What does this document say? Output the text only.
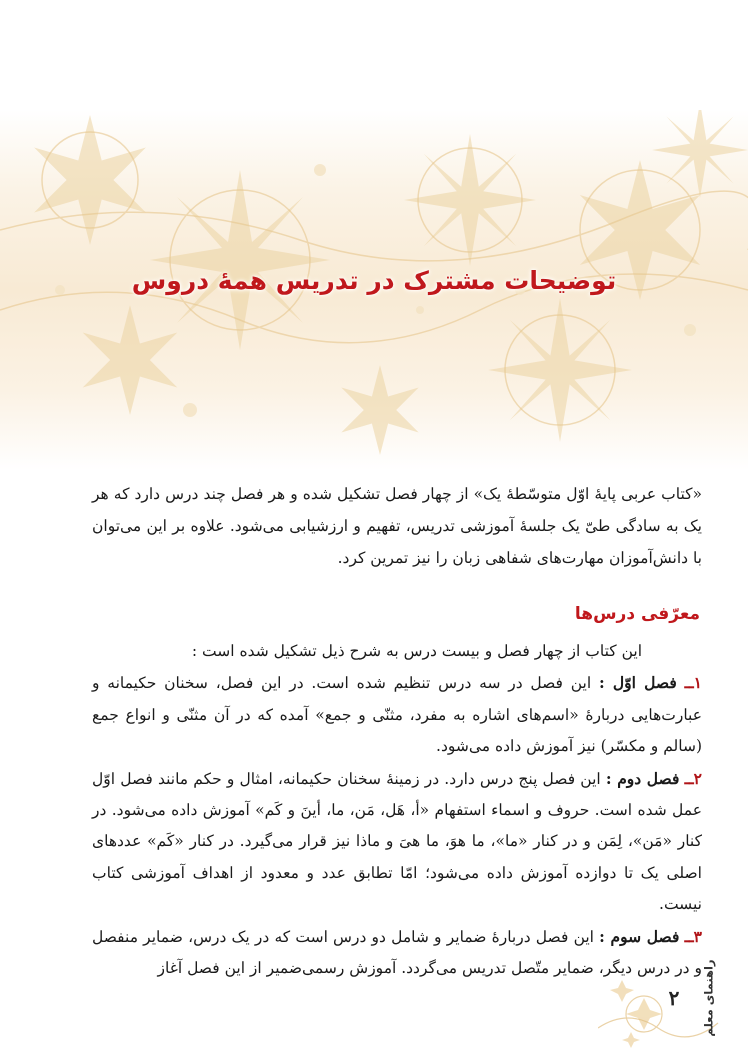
توضیحات مشترک در تدریس همهٔ دروس
«کتاب عربی پایهٔ اوّل متوسّطهٔ یک» از چهار فصل تشکیل شده و هر فصل چند درس دارد که هر یک به سادگی طیّ یک جلسهٔ آموزشی تدریس، تفهیم و ارزشیابی می‌شود. علاوه بر این می‌توان با دانش‌آموزان مهارت‌های شفاهی زبان را نیز تمرین کرد.
معرّفی درس‌ها

این کتاب از چهار فصل و بیست درس به شرح ذیل تشکیل شده است :

۱ــ فصل اوّل : این فصل در سه درس تنظیم شده است. در این فصل، سخنان حکیمانه و عبارت‌هایی دربارهٔ «اسم‌های اشاره به مفرد، مثنّی و جمع» آمده که در آن مثنّی و انواع جمع (سالم و مکسّر) نیز آموزش داده می‌شود.

۲ــ فصل دوم : این فصل پنج درس دارد. در زمینهٔ سخنان حکیمانه، امثال و حکم مانند فصل اوّل عمل شده است. حروف و اسماء استفهام «أ، هَل، مَن، ما، أینَ و کَم» آموزش داده می‌شود. در کنار «مَن»، لِمَن و در کنار «ما»، ما هوَ، ما هیَ و ماذا نیز قرار می‌گیرد. در کنار «کَم» عددهای اصلی یک تا دوازده آموزش داده می‌شود؛ امّا تطابق عدد و معدود از اهداف آموزشی کتاب نیست.

۳ــ فصل سوم : این فصل دربارهٔ ضمایر و شامل دو درس است که در یک درس، ضمایر منفصل و در درس دیگر، ضمایر متّصل تدریس می‌گردد. آموزش رسمی‌ضمیر از این فصل آغاز

۲	راهنمای معلم
